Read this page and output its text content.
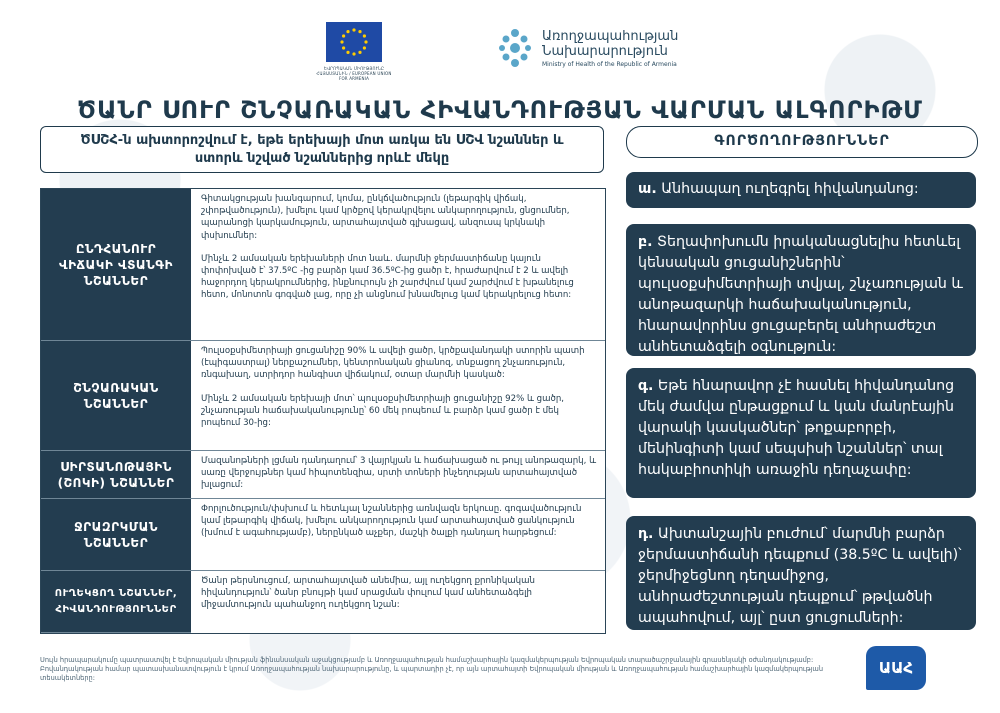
ԵՎՐՈՊԱԿԱՆ ՄԻՈՒԹՅՈՒՆԸ ՀԱՅԱՍՏԱՆԻՆ / EUROPEAN UNION FOR ARMENIA
Առողջապահության
Նախարարություն
Ministry of Health of the Republic of Armenia
ԾԱՆՐ ՍՈՒՐ ՇՆՉԱՌԱԿԱՆ ՀԻՎԱՆԴՈՒԹՅԱՆ ՎԱՐՄԱՆ ԱԼԳՈՐԻԹՄ
ԾՍՇՀ-ն ախտորոշվում է, եթե երեխայի մոտ առկա են ՍՇՎ նշաններ և ստորև նշված նշաններից որևէ մեկը
ԳՈՐԾՈՂՈՒԹՅՈՒՆՆԵՐ
ԸՆԴՀԱՆՈՒՐ ՎԻՃԱԿԻ ՎՏԱՆԳԻ ՆՇԱՆՆԵՐ

Գիտակցության խանգարում, կոմա, ընկճվածություն (լեթարգիկ վիճակ, շփոթվածություն), խմելու կամ կրծքով կերակրվելու անկարողություն, ցնցումներ, պարանոցի կարկամություն, արտահայտված գլխացավ, անզուսպ կրկնակի փսխումներ:

Մինչև 2 ամսական երեխաների մոտ նաև. մարմնի ջերմաստիճանը կայուն փոփոխված է՝ 37.5ºC -ից բարձր կամ 36.5ºC-ից ցածր է, հրաժարվում է 2 և ավելի հաջորդող կերակրումներից, ինքնուրույն չի շարժվում կամ շարժվում է խթանելուց հետո, մոնոտոն գոգված լաց, որը չի անցնում խնամելուց կամ կերակրելուց հետո:

ՇՆՉԱՌԱԿԱՆ ՆՇԱՆՆԵՐ

Պուլսօքսիմետրիայի ցուցանիշը 90% և ավելի ցածր, կրծքավանդակի ստորին պատի (էպիգաստրալ) ներքաշումներ, կենտրոնական ցիանոզ, տնքացող շնչառություն, ռնգախաղ, ստրիդոր հանգիստ վիճակում, օտար մարմնի կասկած:

Մինչև 2 ամսական երեխայի մոտ՝ պուլսօքսիմետրիայի ցուցանիշը 92% և ցածր, շնչառության հաճախականությունը՝ 60 մեկ րոպեում և բարձր կամ ցածր է մեկ րոպեում 30-ից:

ՍԻՐՏԱՆՈԹԱՅԻՆ (ՇՈԿԻ) ՆՇԱՆՆԵՐ

Մազանոթների լցման դանդաղում՝ 3 վայրկյան և հաճախացած ու թույլ անոթազարկ, և սառը վերջույթներ կամ հիպոտենզիա, սրտի տոների ինչեղության արտահայտված խլացում:

ՋՐԱԶՐԿՄԱՆ ՆՇԱՆՆԵՐ

Փորլուծություն/փսխում և հետևյալ նշաններից առնվազն երկուսը. գոգավածություն կամ լեթարգիկ վիճակ, խմելու անկարողություն կամ արտահայտված ցանկություն (խմում է ագահությամբ), ներընկած աչքեր, մաշկի ծալքի դանդաղ հարթեցում:

ՈՒՂԵԿՑՈՂ ՆՇԱՆՆԵՐ, ՀԻՎԱՆԴՈՒԹՅՈՒՆՆԵՐ

Ծանր թերսնուցում, արտահայտված անեմիա, այլ ուղեկցող քրոնիկական հիվանդություն՝ ծանր բնույթի կամ սրացման փուլում կամ անհետաձգելի միջամտություն պահանջող ուղեկցող նշան:

ա. Անհապաղ ուղեգրել հիվանդանոց:
բ. Տեղափոխումն իրականացնելիս հետևել կենսական ցուցանիշներին՝ պուլսօքսիմետրիայի տվյալ, շնչառության և անոթազարկի հաճախականություն, հնարավորինս ցուցաբերել անհրաժեշտ անհետաձգելի օգնություն:
գ. Եթե հնարավոր չէ հասնել հիվանդանոց մեկ ժամվա ընթացքում և կան մանրէային վարակի կասկածներ՝ թոքաբորբի, մենինգիտի կամ սեպսիսի նշաններ՝ տալ հակաբիոտիկի առաջին դեղաչափը:
դ. Ախտանշային բուժում՝ մարմնի բարձր ջերմաստիճանի դեպքում (38.5ºC և ավելի)՝ ջերմիջեցնող դեղամիջոց, անհրաժեշտության դեպքում՝ թթվածնի ապահովում, այլ՝ ըստ ցուցումների:
Սույն հրապարակումը պատրաստվել է Եվրոպական միության ֆինանսական աջակցությամբ և Առողջապահության համաշխարհային կազմակերպության Եվրոպական տարածաշրջանային գրասենյակի օժանդակությամբ: Բովանդակության համար պատասխանատվություն է կրում Առողջապահության նախարարությունը, և պարտադիր չէ, որ այն արտահայտի Եվրոպական միության և Առողջապահության համաշխարհային կազմակերպության տեսակետները:
ԱԱՀ
